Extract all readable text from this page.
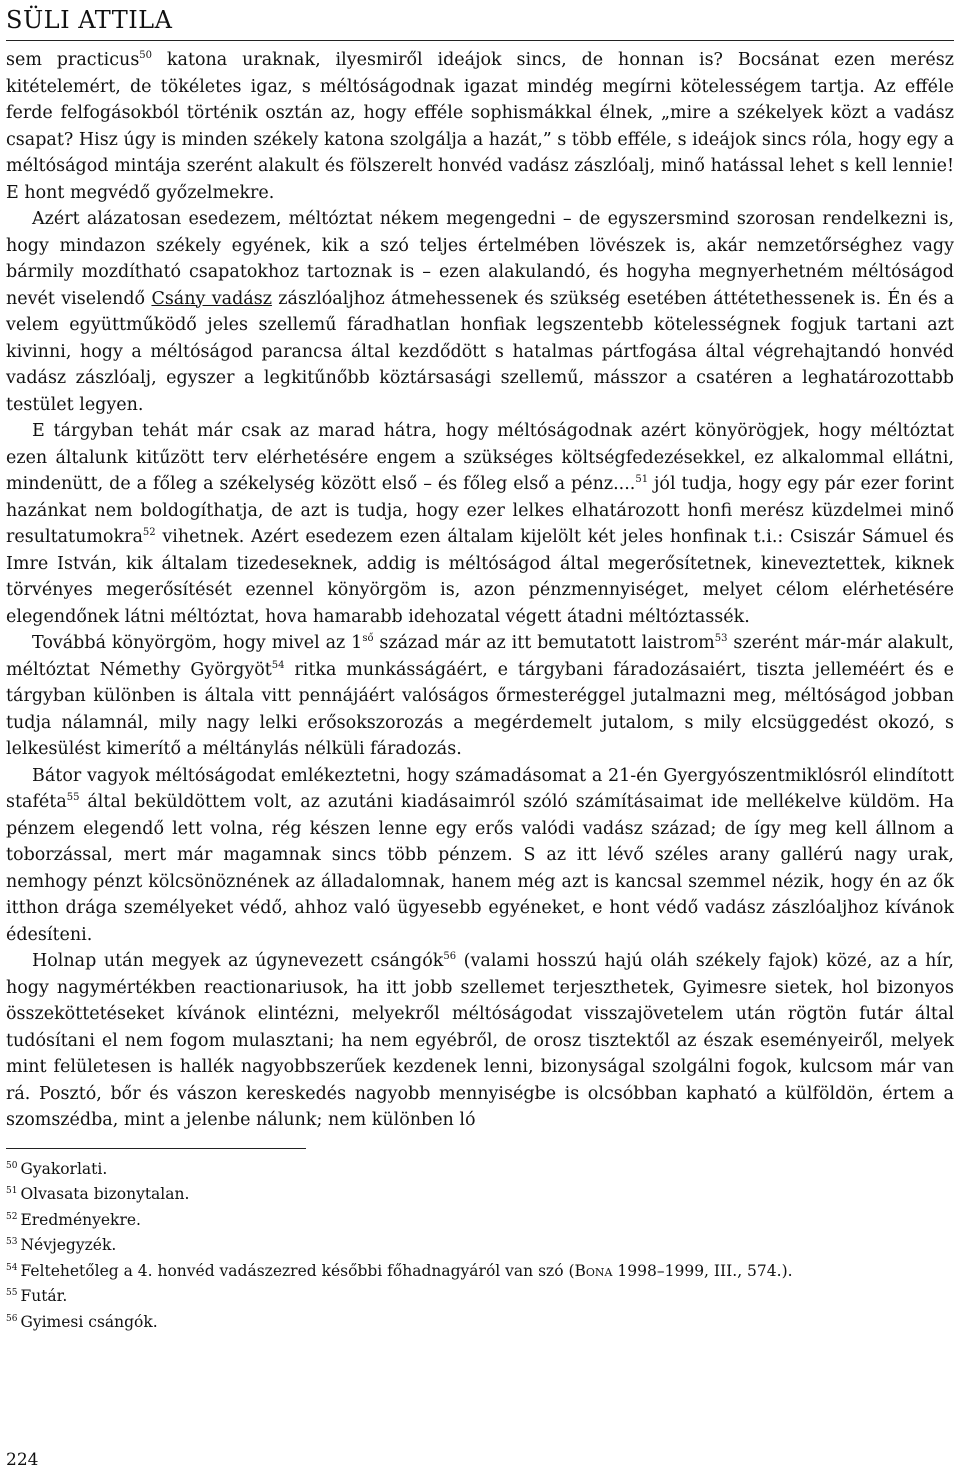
SÜLI ATTILA

sem practicus$^{50}$ katona uraknak, ilyesmiről ideájok sincs, de honnan is? Bocsánat ezen merész kitételemért, de tökéletes igaz, s méltóságodnak igazat mindég megírni kötelességem tartja. Az efféle ferde felfogásokból történik osztán az, hogy efféle sophismákkal élnek, „mire a székelyek közt a vadász csapat? Hisz úgy is minden székely katona szolgálja a hazát,” s több efféle, s ideájok sincs róla, hogy egy a méltóságod mintája szerént alakult és fölszerelt honvéd vadász zászlóalj, minő hatással lehet s kell lennie! E hont megvédő győzelmekre.

Azért alázatosan esedezem, méltóztat nékem megengedni – de egyszersmind szorosan rendelkezni is, hogy mindazon székely egyének, kik a szó teljes értelmében lövészek is, akár nemzetőrséghez vagy bármily mozdítható csapatokhoz tartoznak is – ezen alakulandó, és hogyha megnyerhetném méltóságod nevét viselendő Csány vadász zászlóaljhoz átmehessenek és szükség esetében áttétethessenek is. Én és a velem együttműködő jeles szellemű fáradhatlan honfiak legszentebb kötelességnek fogjuk tartani azt kivinni, hogy a méltóságod parancsa által kezdődött s hatalmas pártfogása által végrehajtandó honvéd vadász zászlóalj, egyszer a legkitűnőbb köztársasági szellemű, másszor a csatéren a leghatározottabb testület legyen.

E tárgyban tehát már csak az marad hátra, hogy méltóságodnak azért könyörögjek, hogy méltóztat ezen általunk kitűzött terv elérhetésére engem a szükséges költségfedezésekkel, ez alkalommal ellátni, mindenütt, de a főleg a székelység között első – és főleg első a pénz....$^{51}$ jól tudja, hogy egy pár ezer forint hazánkat nem boldogíthatja, de azt is tudja, hogy ezer lelkes elhatározott honfi merész küzdelmei minő resultatumokra$^{52}$ vihetnek. Azért esedezem ezen általam kijelölt két jeles honfinak t.i.: Csiszár Sámuel és Imre István, kik általam tizedeseknek, addig is méltóságod által megerősítetnek, kineveztettek, kiknek törvényes megerősítését ezennel könyörgöm is, azon pénzmennyiséget, melyet célom elérhetésére elegendőnek látni méltóztat, hova hamarabb idehozatal végett átadni méltóztassék.

Továbbá könyörgöm, hogy mivel az $1^{ső}$ század már az itt bemutatott laistrom$^{53}$ szerént már-már alakult, méltóztat Némethy Györgyöt$^{54}$ ritka munkásságáért, e tárgybani fáradozásaiért, tiszta jelleméért és e tárgyban különben is általa vitt pennájáért valóságos őrmesteréggel jutalmazni meg, méltóságod jobban tudja nálamnál, mily nagy lelki erősokszorozás a megérdemelt jutalom, s mily elcsüggedést okozó, s lelkesülést kimerítő a méltánylás nélküli fáradozás.

Bátor vagyok méltóságodat emlékeztetni, hogy számadásomat a 21-én Gyergyószentmiklósról elindított staféta$^{55}$ által beküldöttem volt, az azutáni kiadásaimról szóló számításaimat ide mellékelve küldöm. Ha pénzem elegendő lett volna, rég készen lenne egy erős valódi vadász század; de így meg kell állnom a toborzással, mert már magamnak sincs több pénzem. S az itt lévő széles arany gallérú nagy urak, nemhogy pénzt kölcsönöznének az álladalomnak, hanem még azt is kancsal szemmel nézik, hogy én az ők itthon drága személyeket védő, ahhoz való ügyesebb egyéneket, e hont védő vadász zászlóaljhoz kívánok édesíteni.

Holnap után megyek az úgynevezett csángók$^{56}$ (valami hosszú hajú oláh székely fajok) közé, az a hír, hogy nagymértékben reactionariusok, ha itt jobb szellemet terjeszthetek, Gyimesre sietek, hol bizonyos összeköttetéseket kívánok elintézni, melyekről méltóságodat visszajövetelem után rögtön futár által tudósítani el nem fogom mulasztani; ha nem egyébről, de orosz tisztektől az észak eseményeiről, melyek mint felületesen is hallék nagyobbszerűek kezdenek lenni, bizonyságal szolgálni fogok, kulcsom már van rá. Posztó, bőr és vászon kereskedés nagyobb mennyiségbe is olcsóbban kapható a külföldön, értem a szomszédba, mint a jelenbe nálunk; nem különben ló

$^{50}$ Gyakorlati.
$^{51}$ Olvasata bizonytalan.
$^{52}$ Eredményekre.
$^{53}$ Névjegyzék.
$^{54}$ Feltehetőleg a 4. honvéd vadászezred későbbi főhadnagyáról van szó (Bona 1998–1999, III., 574.).
$^{55}$ Futár.
$^{56}$ Gyimesi csángók.
224
